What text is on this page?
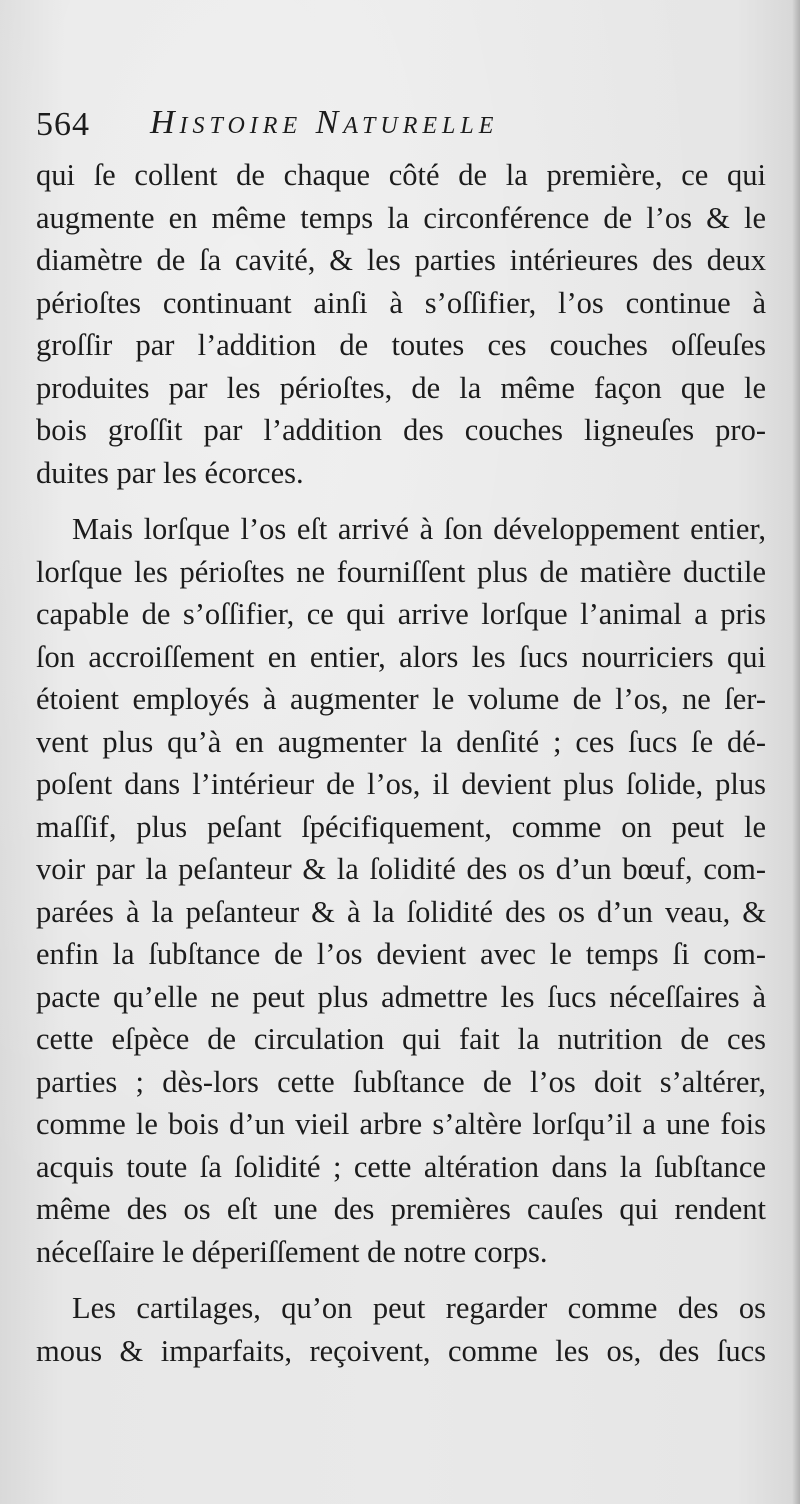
564 Histoire Naturelle
qui ſe collent de chaque côté de la première, ce qui
augmente en même temps la circonférence de l’os & le
diamètre de ſa cavité, & les parties intérieures des deux
périoſtes continuant ainſi à s’oſſifier, l’os continue à
groſſir par l’addition de toutes ces couches oſſeuſes
produites par les périoſtes, de la même façon que le
bois groſſit par l’addition des couches ligneuſes pro-
duites par les écorces.
Mais lorſque l’os eſt arrivé à ſon développement entier,
lorſque les périoſtes ne fourniſſent plus de matière ductile
capable de s’oſſifier, ce qui arrive lorſque l’animal a pris
ſon accroiſſement en entier, alors les ſucs nourriciers qui
étoient employés à augmenter le volume de l’os, ne ſer-
vent plus qu’à en augmenter la denſité ; ces ſucs ſe dé-
poſent dans l’intérieur de l’os, il devient plus ſolide, plus
maſſif, plus peſant ſpécifiquement, comme on peut le
voir par la peſanteur & la ſolidité des os d’un bœuf, com-
parées à la peſanteur & à la ſolidité des os d’un veau, &
enfin la ſubſtance de l’os devient avec le temps ſi com-
pacte qu’elle ne peut plus admettre les ſucs néceſſaires à
cette eſpèce de circulation qui fait la nutrition de ces
parties ; dès-lors cette ſubſtance de l’os doit s’altérer,
comme le bois d’un vieil arbre s’altère lorſqu’il a une fois
acquis toute ſa ſolidité ; cette altération dans la ſubſtance
même des os eſt une des premières cauſes qui rendent
néceſſaire le déperiſſement de notre corps.
Les cartilages, qu’on peut regarder comme des os
mous & imparfaits, reçoivent, comme les os, des ſucs
